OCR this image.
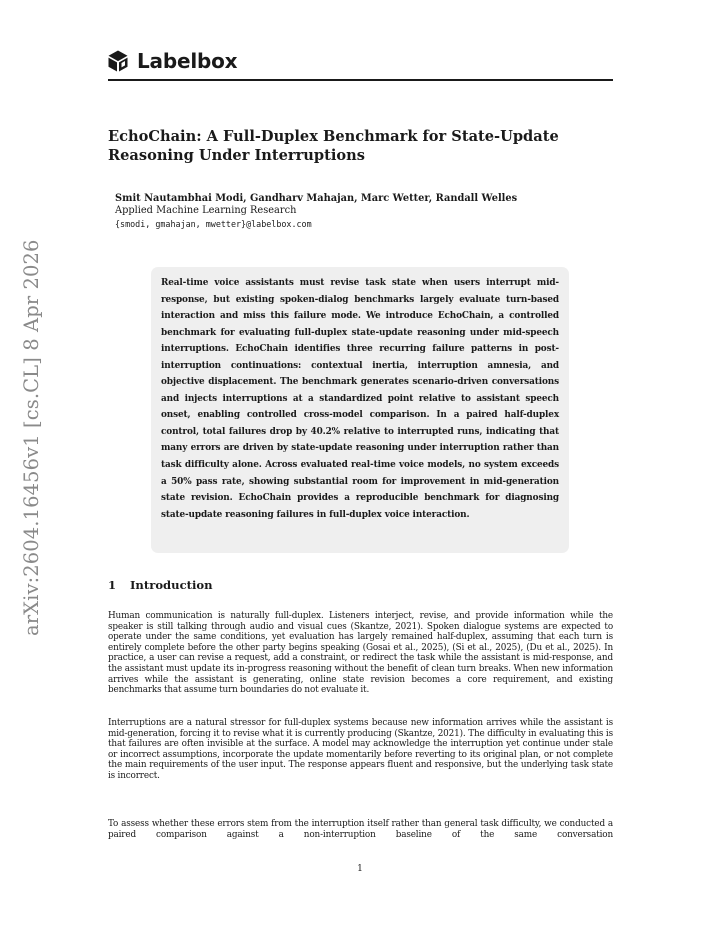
Labelbox
arXiv:2604.16456v1 [cs.CL] 8 Apr 2026
EchoChain: A Full-Duplex Benchmark for State-Update Reasoning Under Interruptions
Smit Nautambhai Modi, Gandharv Mahajan, Marc Wetter, Randall Welles
Applied Machine Learning Research
{smodi, gmahajan, mwetter}@labelbox.com

Real-time voice assistants must revise task state when users interrupt mid-response, but existing spoken-dialog benchmarks largely evaluate turn-based interaction and miss this failure mode. We introduce EchoChain, a controlled benchmark for evaluating full-duplex state-update reasoning under mid-speech interruptions. EchoChain identifies three recurring failure patterns in post-interruption continuations: contextual inertia, interruption amnesia, and objective displacement. The benchmark generates scenario-driven conversations and injects interruptions at a standardized point relative to assistant speech onset, enabling controlled cross-model comparison. In a paired half-duplex control, total failures drop by 40.2% relative to interrupted runs, indicating that many errors are driven by state-update reasoning under interruption rather than task difficulty alone. Across evaluated real-time voice models, no system exceeds a 50% pass rate, showing substantial room for improvement in mid-generation state revision. EchoChain provides a reproducible benchmark for diagnosing state-update reasoning failures in full-duplex voice interaction.

1 Introduction

Human communication is naturally full-duplex. Listeners interject, revise, and provide information while the speaker is still talking through audio and visual cues (Skantze, 2021). Spoken dialogue systems are expected to operate under the same conditions, yet evaluation has largely remained half-duplex, assuming that each turn is entirely complete before the other party begins speaking (Gosai et al., 2025), (Si et al., 2025), (Du et al., 2025). In practice, a user can revise a request, add a constraint, or redirect the task while the assistant is mid-response, and the assistant must update its in-progress reasoning without the benefit of clean turn breaks. When new information arrives while the assistant is generating, online state revision becomes a core requirement, and existing benchmarks that assume turn boundaries do not evaluate it.

Interruptions are a natural stressor for full-duplex systems because new information arrives while the assistant is mid-generation, forcing it to revise what it is currently producing (Skantze, 2021). The difficulty in evaluating this is that failures are often invisible at the surface. A model may acknowledge the interruption yet continue under stale or incorrect assumptions, incorporate the update momentarily before reverting to its original plan, or not complete the main requirements of the user input. The response appears fluent and responsive, but the underlying task state is incorrect.

To assess whether these errors stem from the interruption itself rather than general task difficulty, we conducted a paired comparison against a non-interruption baseline of the same conversation

1
